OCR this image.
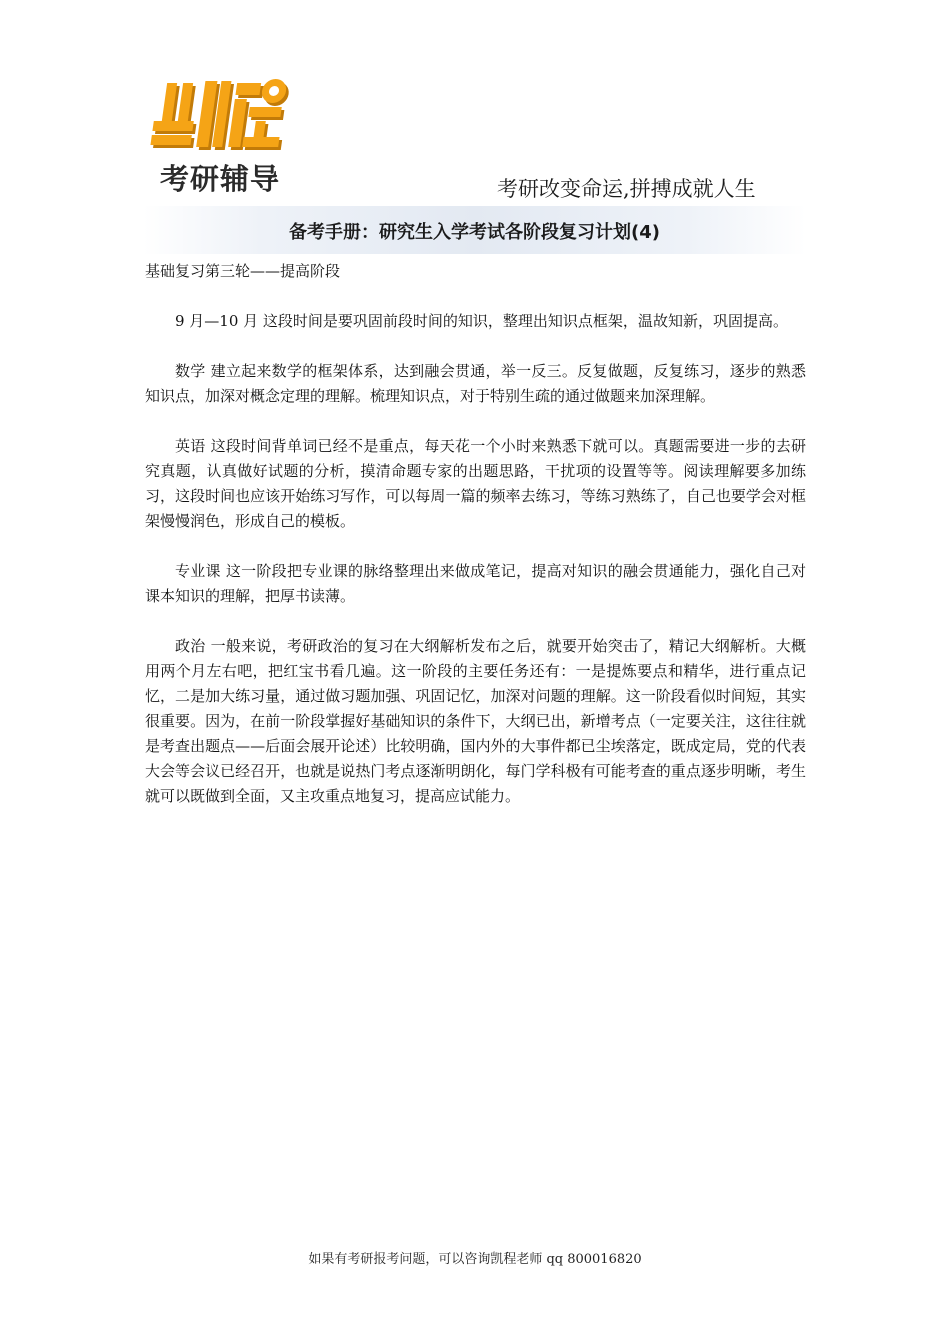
考研辅导	考研改变命运,拼搏成就人生
备考手册：研究生入学考试各阶段复习计划(4)

基础复习第三轮——提高阶段

9 月—10 月 这段时间是要巩固前段时间的知识，整理出知识点框架，温故知新，巩固提高。

数学 建立起来数学的框架体系，达到融会贯通，举一反三。反复做题，反复练习，逐步的熟悉知识点，加深对概念定理的理解。梳理知识点，对于特别生疏的通过做题来加深理解。

英语 这段时间背单词已经不是重点，每天花一个小时来熟悉下就可以。真题需要进一步的去研究真题，认真做好试题的分析，摸清命题专家的出题思路，干扰项的设置等等。阅读理解要多加练习，这段时间也应该开始练习写作，可以每周一篇的频率去练习，等练习熟练了，自己也要学会对框架慢慢润色，形成自己的模板。

专业课 这一阶段把专业课的脉络整理出来做成笔记，提高对知识的融会贯通能力，强化自己对课本知识的理解，把厚书读薄。

政治 一般来说，考研政治的复习在大纲解析发布之后，就要开始突击了，精记大纲解析。大概用两个月左右吧，把红宝书看几遍。这一阶段的主要任务还有：一是提炼要点和精华，进行重点记忆，二是加大练习量，通过做习题加强、巩固记忆，加深对问题的理解。这一阶段看似时间短，其实很重要。因为，在前一阶段掌握好基础知识的条件下，大纲已出，新增考点（一定要关注，这往往就是考查出题点——后面会展开论述）比较明确，国内外的大事件都已尘埃落定，既成定局，党的代表大会等会议已经召开，也就是说热门考点逐渐明朗化，每门学科极有可能考查的重点逐步明晰，考生就可以既做到全面，又主攻重点地复习，提高应试能力。

如果有考研报考问题，可以咨询凯程老师 qq 800016820
